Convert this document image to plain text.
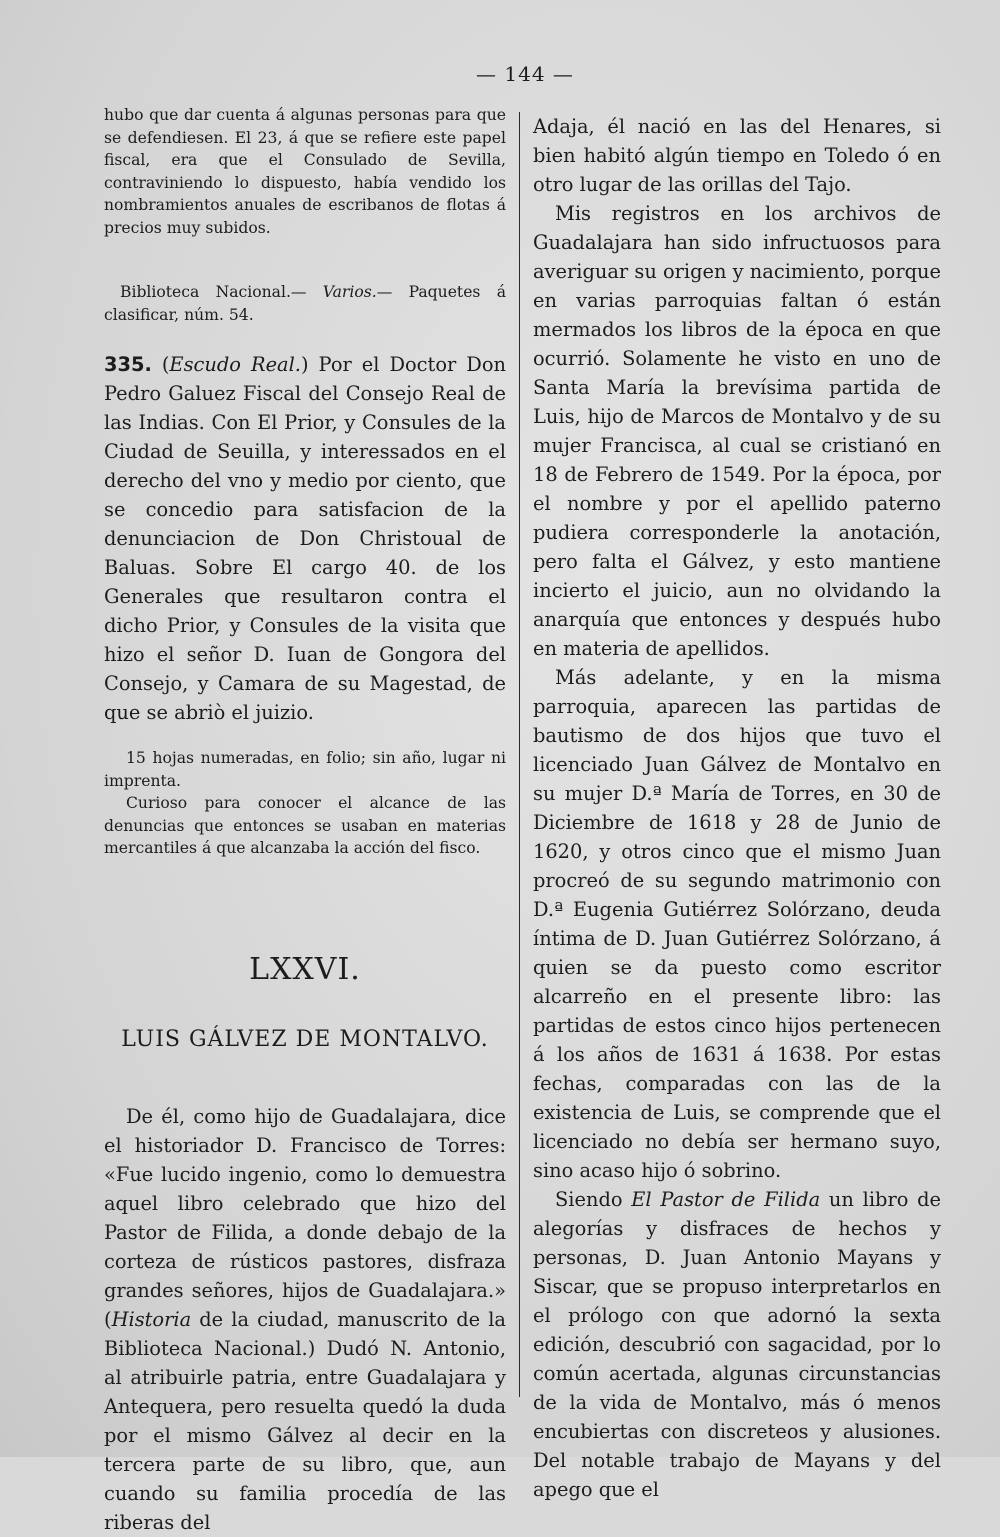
— 144 —

hubo que dar cuenta á algunas personas para que se defendiesen. El 23, á que se refiere este papel fiscal, era que el Consulado de Sevilla, contraviniendo lo dispuesto, había vendido los nombramientos anuales de escribanos de flotas á precios muy subidos.

Biblioteca Nacional.— Varios.— Paquetes á clasificar, núm. 54.

335. (Escudo Real.) Por el Doctor Don Pedro Galuez Fiscal del Consejo Real de las Indias. Con El Prior, y Consules de la Ciudad de Seuilla, y interessados en el derecho del vno y medio por ciento, que se concedio para satisfacion de la denunciacion de Don Christoual de Baluas. Sobre El cargo 40. de los Generales que resultaron contra el dicho Prior, y Consules de la visita que hizo el señor D. Iuan de Gongora del Consejo, y Camara de su Magestad, de que se abriò el juizio.

15 hojas numeradas, en folio; sin año, lugar ni imprenta.

Curioso para conocer el alcance de las denuncias que entonces se usaban en materias mercantiles á que alcanzaba la acción del fisco.

LXXVI.
LUIS GÁLVEZ DE MONTALVO.

De él, como hijo de Guadalajara, dice el historiador D. Francisco de Torres: «Fue lucido ingenio, como lo demuestra aquel libro celebrado que hizo del Pastor de Filida, a donde debajo de la corteza de rústicos pastores, disfraza grandes señores, hijos de Guadalajara.» (Historia de la ciudad, manuscrito de la Biblioteca Nacional.) Dudó N. Antonio, al atribuirle patria, entre Guadalajara y Antequera, pero resuelta quedó la duda por el mismo Gálvez al decir en la tercera parte de su libro, que, aun cuando su familia procedía de las riberas del

Adaja, él nació en las del Henares, si bien habitó algún tiempo en Toledo ó en otro lugar de las orillas del Tajo.

Mis registros en los archivos de Guadalajara han sido infructuosos para averiguar su origen y nacimiento, porque en varias parroquias faltan ó están mermados los libros de la época en que ocurrió. Solamente he visto en uno de Santa María la brevísima partida de Luis, hijo de Marcos de Montalvo y de su mujer Francisca, al cual se cristianó en 18 de Febrero de 1549. Por la época, por el nombre y por el apellido paterno pudiera corresponderle la anotación, pero falta el Gálvez, y esto mantiene incierto el juicio, aun no olvidando la anarquía que entonces y después hubo en materia de apellidos.

Más adelante, y en la misma parroquia, aparecen las partidas de bautismo de dos hijos que tuvo el licenciado Juan Gálvez de Montalvo en su mujer D.ª María de Torres, en 30 de Diciembre de 1618 y 28 de Junio de 1620, y otros cinco que el mismo Juan procreó de su segundo matrimonio con D.ª Eugenia Gutiérrez Solórzano, deuda íntima de D. Juan Gutiérrez Solórzano, á quien se da puesto como escritor alcarreño en el presente libro: las partidas de estos cinco hijos pertenecen á los años de 1631 á 1638. Por estas fechas, comparadas con las de la existencia de Luis, se comprende que el licenciado no debía ser hermano suyo, sino acaso hijo ó sobrino.

Siendo El Pastor de Filida un libro de alegorías y disfraces de hechos y personas, D. Juan Antonio Mayans y Siscar, que se propuso interpretarlos en el prólogo con que adornó la sexta edición, descubrió con sagacidad, por lo común acertada, algunas circunstancias de la vida de Montalvo, más ó menos encubiertas con discreteos y alusiones. Del notable trabajo de Mayans y del apego que el
